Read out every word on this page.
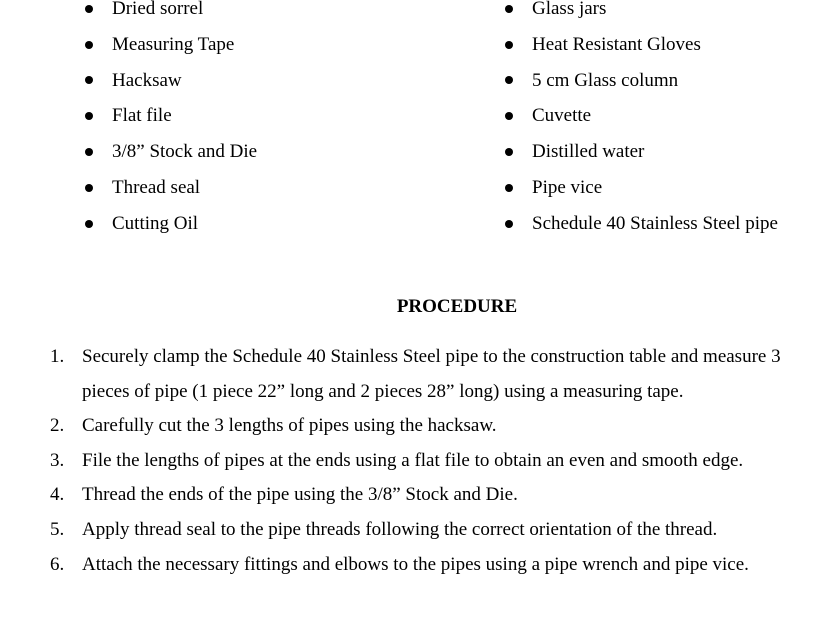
Dried sorrel
Measuring Tape
Hacksaw
Flat file
3/8” Stock and Die
Thread seal
Cutting Oil
Glass jars
Heat Resistant Gloves
5 cm Glass column
Cuvette
Distilled water
Pipe vice
Schedule 40 Stainless Steel pipe
PROCEDURE
1. Securely clamp the Schedule 40 Stainless Steel pipe to the construction table and measure 3
pieces of pipe (1 piece 22” long and 2 pieces 28” long) using a measuring tape.
2. Carefully cut the 3 lengths of pipes using the hacksaw.
3. File the lengths of pipes at the ends using a flat file to obtain an even and smooth edge.
4. Thread the ends of the pipe using the 3/8” Stock and Die.
5. Apply thread seal to the pipe threads following the correct orientation of the thread.
6. Attach the necessary fittings and elbows to the pipes using a pipe wrench and pipe vice.
